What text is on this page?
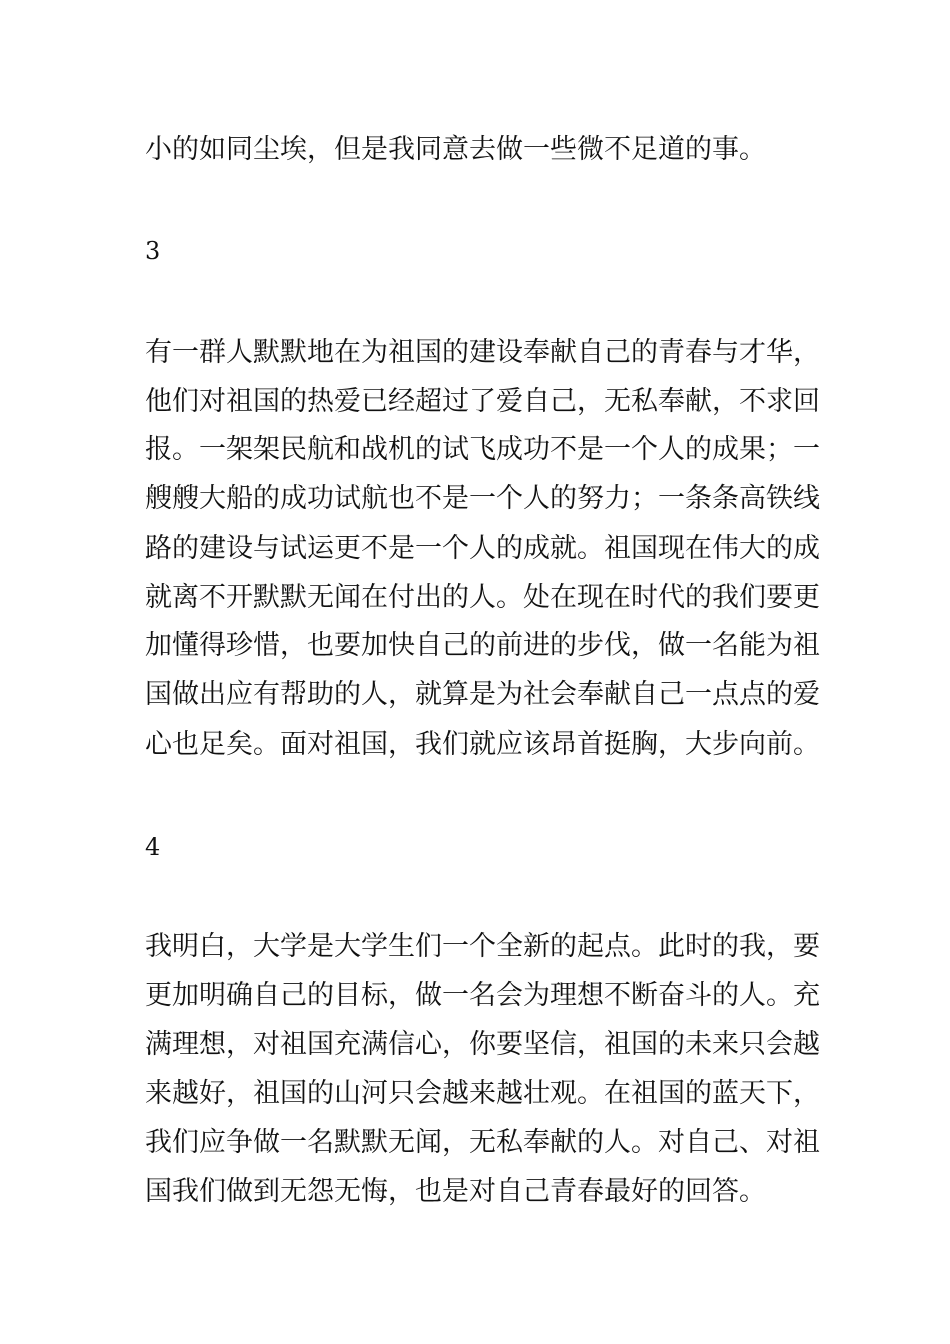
小的如同尘埃，但是我同意去做一些微不足道的事。
3
有一群人默默地在为祖国的建设奉献自己的青春与才华，
他们对祖国的热爱已经超过了爱自己，无私奉献，不求回
报。一架架民航和战机的试飞成功不是一个人的成果；一
艘艘大船的成功试航也不是一个人的努力；一条条高铁线
路的建设与试运更不是一个人的成就。祖国现在伟大的成
就离不开默默无闻在付出的人。处在现在时代的我们要更
加懂得珍惜，也要加快自己的前进的步伐，做一名能为祖
国做出应有帮助的人，就算是为社会奉献自己一点点的爱
心也足矣。面对祖国，我们就应该昂首挺胸，大步向前。
4
我明白，大学是大学生们一个全新的起点。此时的我，要
更加明确自己的目标，做一名会为理想不断奋斗的人。充
满理想，对祖国充满信心，你要坚信，祖国的未来只会越
来越好，祖国的山河只会越来越壮观。在祖国的蓝天下，
我们应争做一名默默无闻，无私奉献的人。对自己、对祖
国我们做到无怨无悔，也是对自己青春最好的回答。
